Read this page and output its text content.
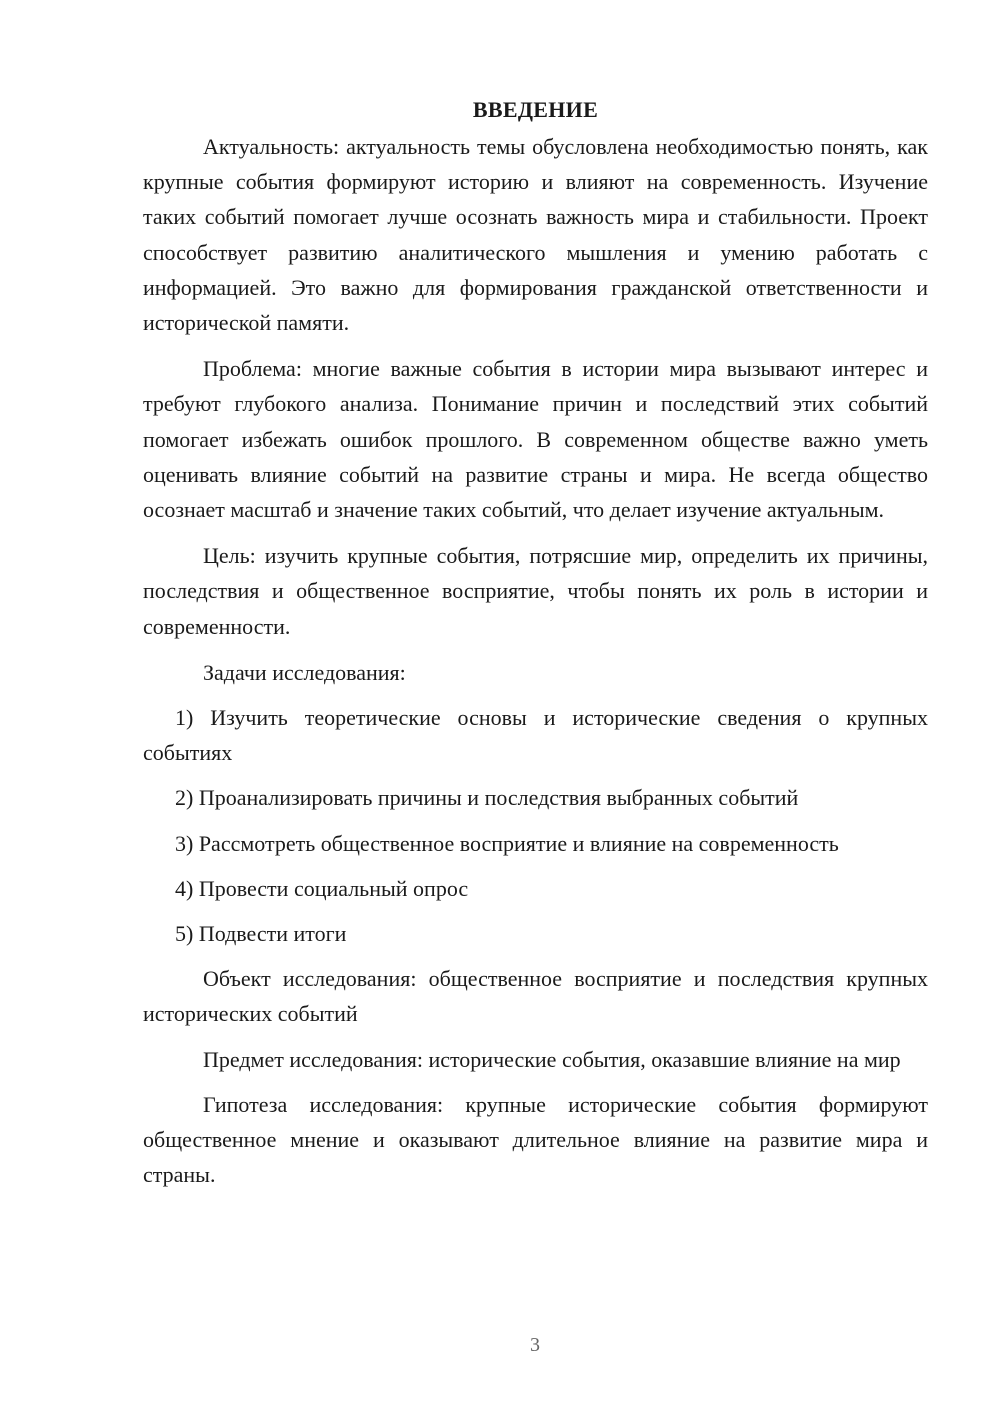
ВВЕДЕНИЕ

Актуальность: актуальность темы обусловлена необходимостью понять, как крупные события формируют историю и влияют на современность. Изучение таких событий помогает лучше осознать важность мира и стабильности. Проект способствует развитию аналитического мышления и умению работать с информацией. Это важно для формирования гражданской ответственности и исторической памяти.

Проблема: многие важные события в истории мира вызывают интерес и требуют глубокого анализа. Понимание причин и последствий этих событий помогает избежать ошибок прошлого. В современном обществе важно уметь оценивать влияние событий на развитие страны и мира. Не всегда общество осознает масштаб и значение таких событий, что делает изучение актуальным.

Цель: изучить крупные события, потрясшие мир, определить их причины, последствия и общественное восприятие, чтобы понять их роль в истории и современности.

Задачи исследования:

1) Изучить теоретические основы и исторические сведения о крупных событиях

2) Проанализировать причины и последствия выбранных событий

3) Рассмотреть общественное восприятие и влияние на современность

4) Провести социальный опрос

5) Подвести итоги

Объект исследования: общественное восприятие и последствия крупных исторических событий

Предмет исследования: исторические события, оказавшие влияние на мир

Гипотеза исследования: крупные исторические события формируют общественное мнение и оказывают длительное влияние на развитие мира и страны.

3
